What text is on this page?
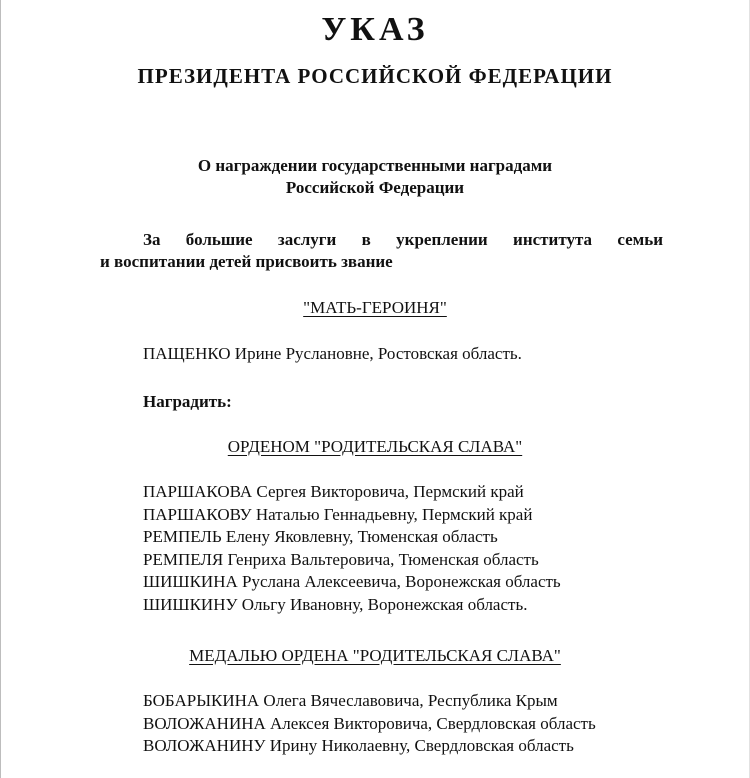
УКАЗ
ПРЕЗИДЕНТА РОССИЙСКОЙ ФЕДЕРАЦИИ
О награждении государственными наградами
Российской Федерации
За большие заслуги в укреплении института семьи
и воспитании детей присвоить звание
"МАТЬ-ГЕРОИНЯ"
ПАЩЕНКО Ирине Руслановне, Ростовская область.
Наградить:
ОРДЕНОМ "РОДИТЕЛЬСКАЯ СЛАВА"
ПАРШАКОВА Сергея Викторовича, Пермский край
ПАРШАКОВУ Наталью Геннадьевну, Пермский край
РЕМПЕЛЬ Елену Яковлевну, Тюменская область
РЕМПЕЛЯ Генриха Вальтеровича, Тюменская область
ШИШКИНА Руслана Алексеевича, Воронежская область
ШИШКИНУ Ольгу Ивановну, Воронежская область.
МЕДАЛЬЮ ОРДЕНА "РОДИТЕЛЬСКАЯ СЛАВА"
БОБАРЫКИНА Олега Вячеславовича, Республика Крым
ВОЛОЖАНИНА Алексея Викторовича, Свердловская область
ВОЛОЖАНИНУ Ирину Николаевну, Свердловская область
